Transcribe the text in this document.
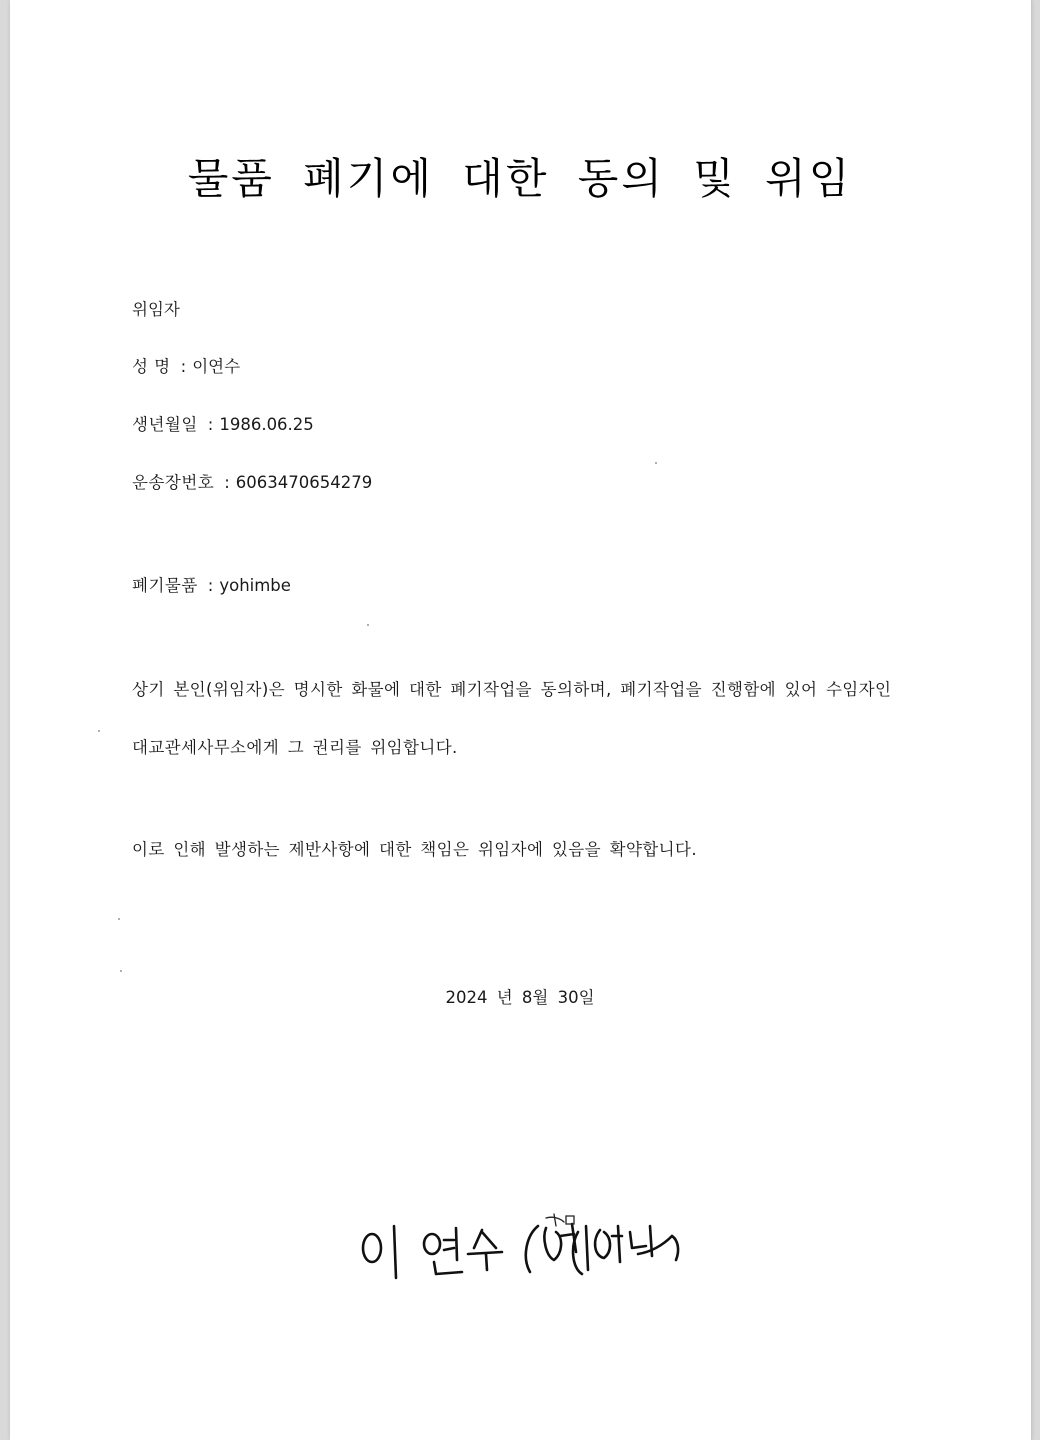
물품 폐기에 대한 동의 및 위임
위임자
성 명 : 이연수
생년월일 : 1986.06.25
운송장번호 : 6063470654279
폐기물품 : yohimbe
상기 본인(위임자)은 명시한 화물에 대한 폐기작업을 동의하며, 폐기작업을 진행함에 있어 수임자인
대교관세사무소에게 그 권리를 위임합니다.
이로 인해 발생하는 제반사항에 대한 책임은 위임자에 있음을 확약합니다.
2024 년 8월 30일
